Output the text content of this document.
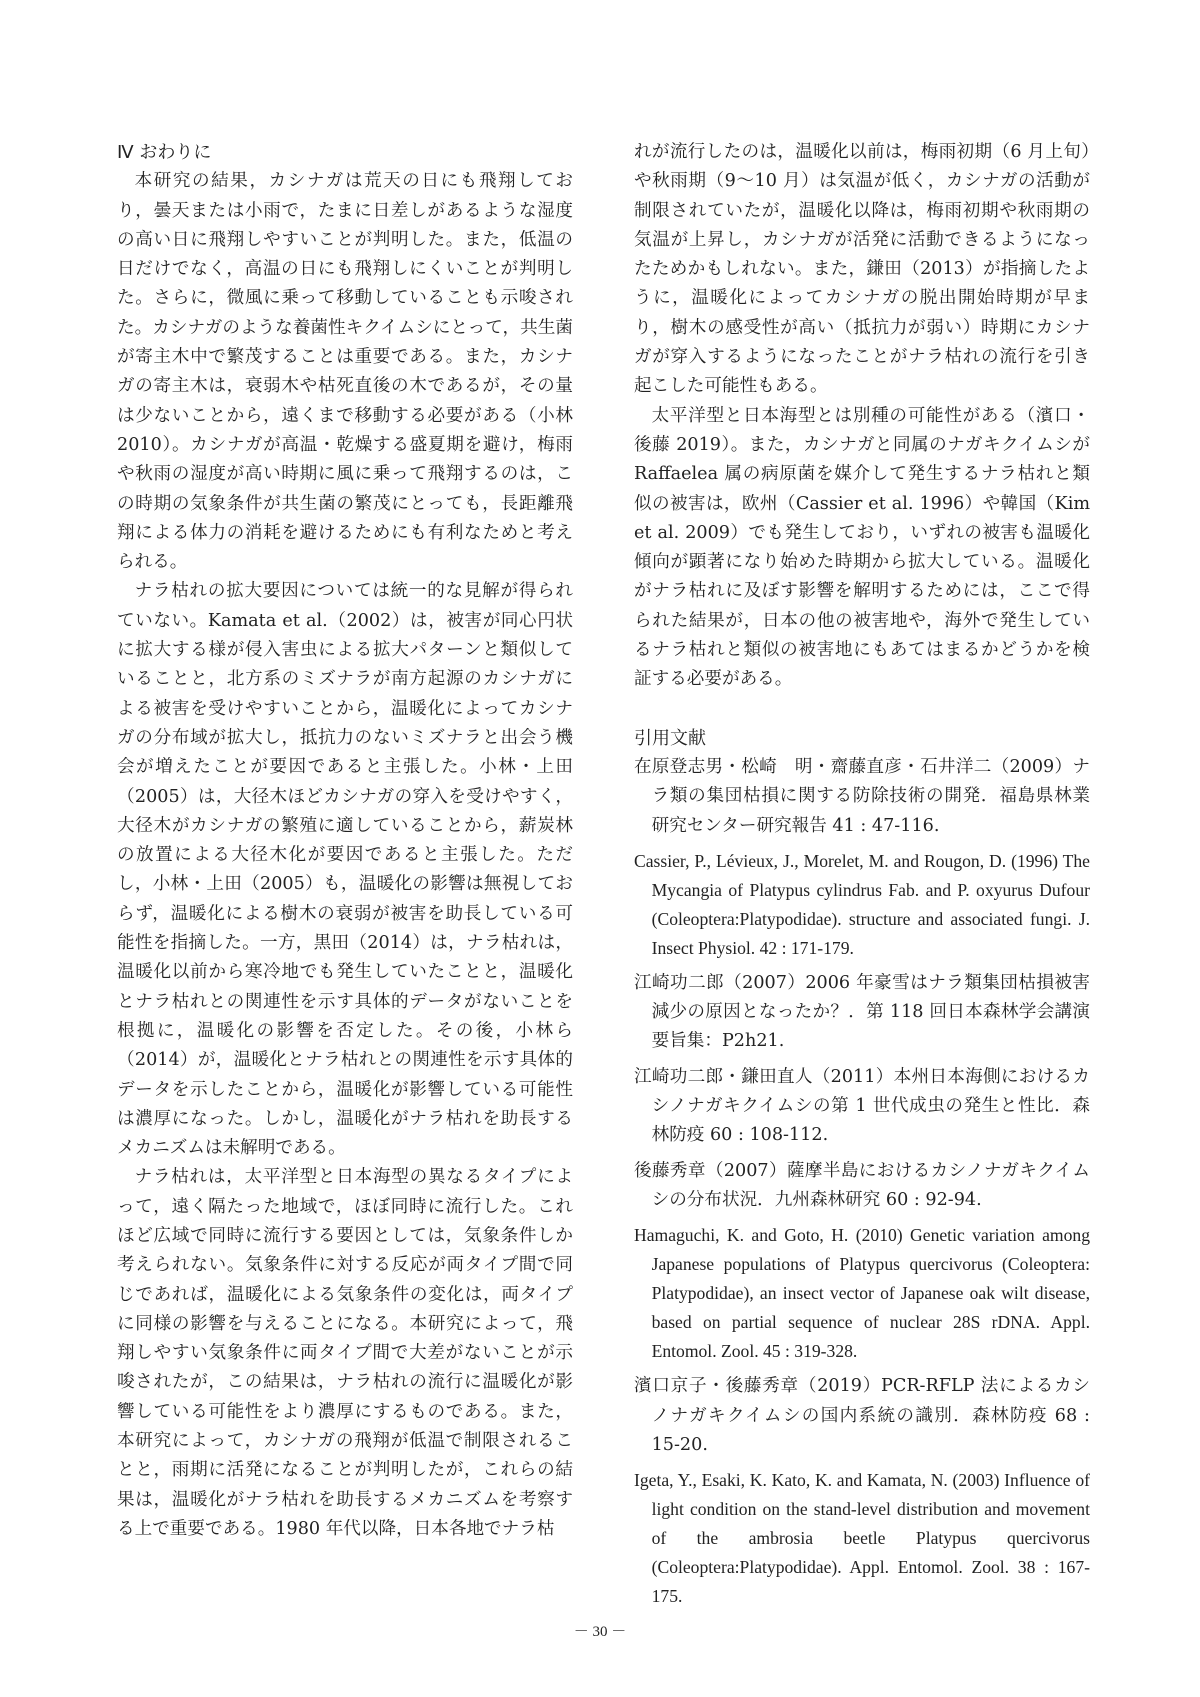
Ⅳ おわりに

本研究の結果，カシナガは荒天の日にも飛翔しており，曇天または小雨で，たまに日差しがあるような湿度の高い日に飛翔しやすいことが判明した。また，低温の日だけでなく，高温の日にも飛翔しにくいことが判明した。さらに，微風に乗って移動していることも示唆された。カシナガのような養菌性キクイムシにとって，共生菌が寄主木中で繁茂することは重要である。また，カシナガの寄主木は，衰弱木や枯死直後の木であるが，その量は少ないことから，遠くまで移動する必要がある（小林 2010）。カシナガが高温・乾燥する盛夏期を避け，梅雨や秋雨の湿度が高い時期に風に乗って飛翔するのは，この時期の気象条件が共生菌の繁茂にとっても，長距離飛翔による体力の消耗を避けるためにも有利なためと考えられる。

ナラ枯れの拡大要因については統一的な見解が得られていない。Kamata et al.（2002）は，被害が同心円状に拡大する様が侵入害虫による拡大パターンと類似していることと，北方系のミズナラが南方起源のカシナガによる被害を受けやすいことから，温暖化によってカシナガの分布域が拡大し，抵抗力のないミズナラと出会う機会が増えたことが要因であると主張した。小林・上田（2005）は，大径木ほどカシナガの穿入を受けやすく，大径木がカシナガの繁殖に適していることから，薪炭林の放置による大径木化が要因であると主張した。ただし，小林・上田（2005）も，温暖化の影響は無視しておらず，温暖化による樹木の衰弱が被害を助長している可能性を指摘した。一方，黒田（2014）は，ナラ枯れは，温暖化以前から寒冷地でも発生していたことと，温暖化とナラ枯れとの関連性を示す具体的データがないことを根拠に，温暖化の影響を否定した。その後，小林ら（2014）が，温暖化とナラ枯れとの関連性を示す具体的データを示したことから，温暖化が影響している可能性は濃厚になった。しかし，温暖化がナラ枯れを助長するメカニズムは未解明である。

ナラ枯れは，太平洋型と日本海型の異なるタイプによって，遠く隔たった地域で，ほぼ同時に流行した。これほど広域で同時に流行する要因としては，気象条件しか考えられない。気象条件に対する反応が両タイプ間で同じであれば，温暖化による気象条件の変化は，両タイプに同様の影響を与えることになる。本研究によって，飛翔しやすい気象条件に両タイプ間で大差がないことが示唆されたが，この結果は，ナラ枯れの流行に温暖化が影響している可能性をより濃厚にするものである。また，本研究によって，カシナガの飛翔が低温で制限されることと，雨期に活発になることが判明したが，これらの結果は，温暖化がナラ枯れを助長するメカニズムを考察する上で重要である。1980 年代以降，日本各地でナラ枯

れが流行したのは，温暖化以前は，梅雨初期（6 月上旬）や秋雨期（9〜10 月）は気温が低く，カシナガの活動が制限されていたが，温暖化以降は，梅雨初期や秋雨期の気温が上昇し，カシナガが活発に活動できるようになったためかもしれない。また，鎌田（2013）が指摘したように，温暖化によってカシナガの脱出開始時期が早まり，樹木の感受性が高い（抵抗力が弱い）時期にカシナガが穿入するようになったことがナラ枯れの流行を引き起こした可能性もある。

太平洋型と日本海型とは別種の可能性がある（濱口・後藤 2019）。また，カシナガと同属のナガキクイムシが Raffaelea 属の病原菌を媒介して発生するナラ枯れと類似の被害は，欧州（Cassier et al. 1996）や韓国（Kim et al. 2009）でも発生しており，いずれの被害も温暖化傾向が顕著になり始めた時期から拡大している。温暖化がナラ枯れに及ぼす影響を解明するためには，ここで得られた結果が，日本の他の被害地や，海外で発生しているナラ枯れと類似の被害地にもあてはまるかどうかを検証する必要がある。

引用文献

在原登志男・松崎　明・齋藤直彦・石井洋二（2009）ナラ類の集団枯損に関する防除技術の開発．福島県林業研究センター研究報告 41 : 47-116.

Cassier, P., Lévieux, J., Morelet, M. and Rougon, D. (1996) The Mycangia of Platypus cylindrus Fab. and P. oxyurus Dufour (Coleoptera:Platypodidae). structure and associated fungi. J. Insect Physiol. 42 : 171-179.

江崎功二郎（2007）2006 年豪雪はナラ類集団枯損被害減少の原因となったか？．第 118 回日本森林学会講演要旨集：P2h21.

江崎功二郎・鎌田直人（2011）本州日本海側におけるカシノナガキクイムシの第 1 世代成虫の発生と性比．森林防疫 60 : 108-112.

後藤秀章（2007）薩摩半島におけるカシノナガキクイムシの分布状況．九州森林研究 60 : 92-94.

Hamaguchi, K. and Goto, H. (2010) Genetic variation among Japanese populations of Platypus quercivorus (Coleoptera: Platypodidae), an insect vector of Japanese oak wilt disease, based on partial sequence of nuclear 28S rDNA. Appl. Entomol. Zool. 45 : 319-328.

濱口京子・後藤秀章（2019）PCR-RFLP 法によるカシノナガキクイムシの国内系統の識別．森林防疫 68 : 15-20.

Igeta, Y., Esaki, K. Kato, K. and Kamata, N. (2003) Influence of light condition on the stand-level distribution and movement of the ambrosia beetle Platypus quercivorus (Coleoptera:Platypodidae). Appl. Entomol. Zool. 38 : 167-175.

－ 30 －
